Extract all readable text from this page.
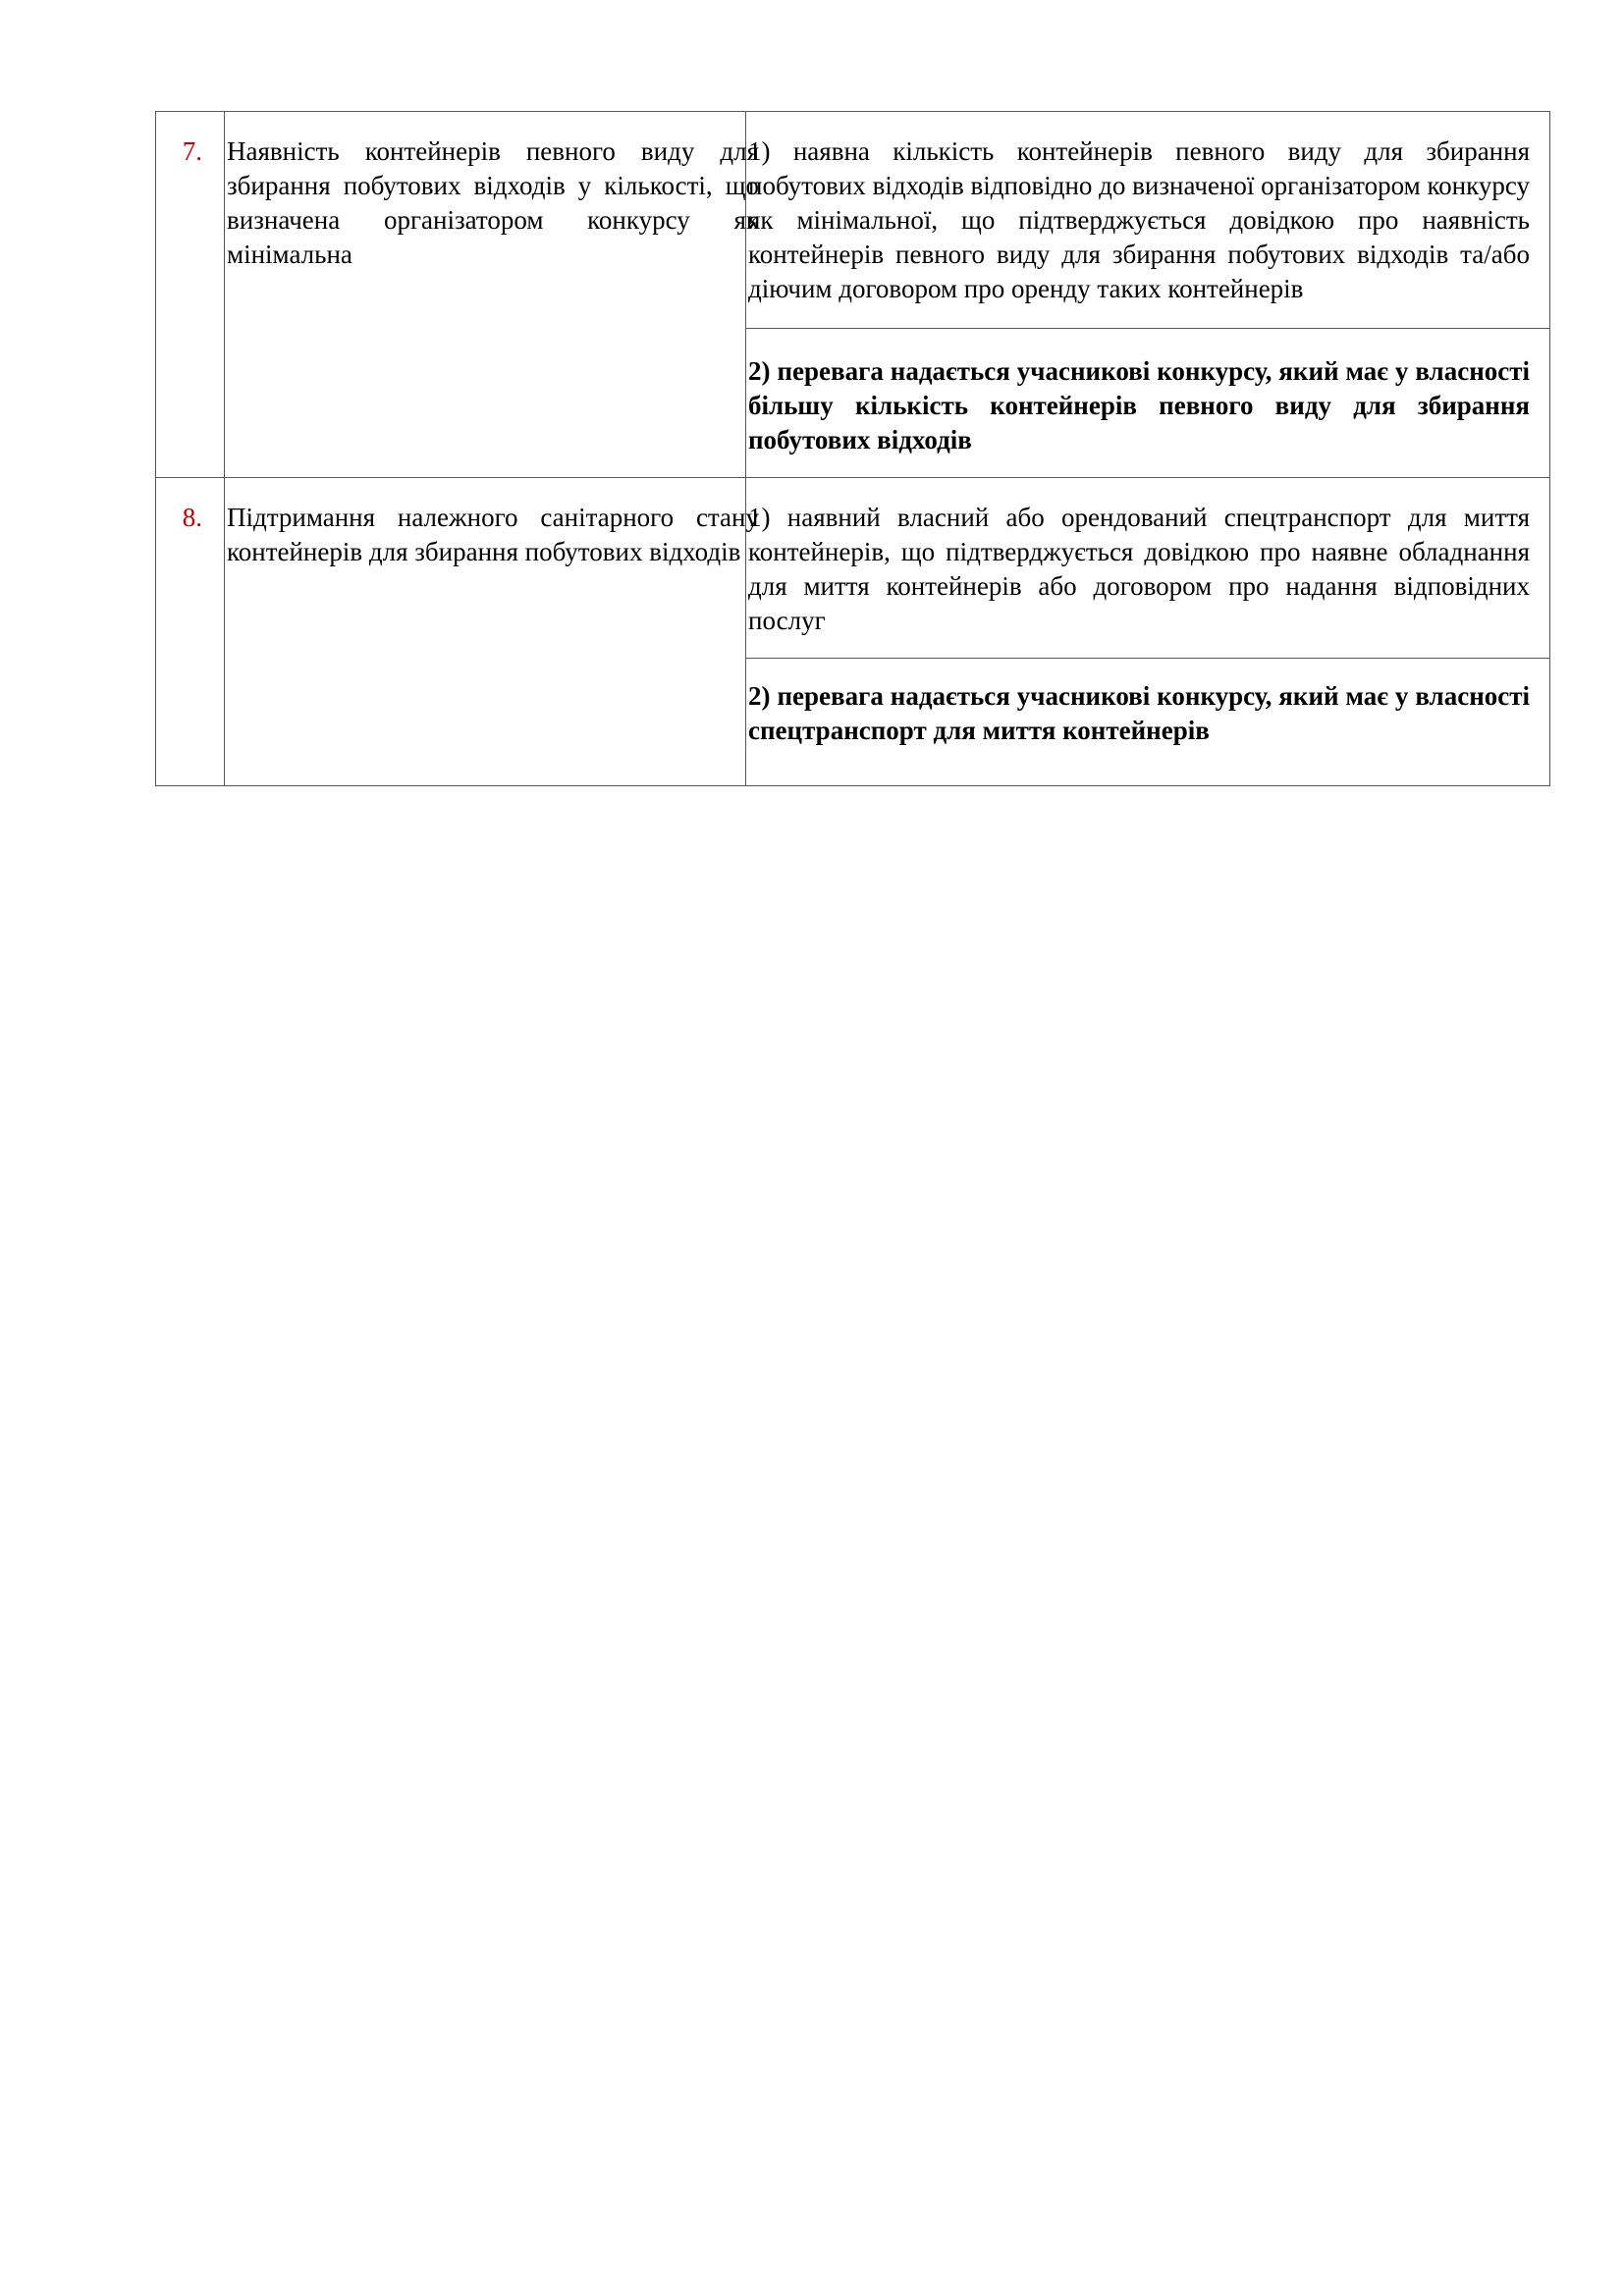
7.	Наявність контейнерів певного виду для збирання побутових відходів у кількості, що визначена організатором конкурсу як мінімальна	1) наявна кількість контейнерів певного виду для збирання побутових відходів відповідно до визначеної організатором конкурсу як мінімальної, що підтверджується довідкою про наявність контейнерів певного виду для збирання побутових відходів та/або діючим договором про оренду таких контейнерів

		2) перевага надається учасникові конкурсу, який має у власності більшу кількість контейнерів певного виду для збирання побутових відходів

8.	Підтримання належного санітарного стану контейнерів для збирання побутових відходів	1) наявний власний або орендований спецтранспорт для миття контейнерів, що підтверджується довідкою про наявне обладнання для миття контейнерів або договором про надання відповідних послуг

		2) перевага надається учасникові конкурсу, який має у власності спецтранспорт для миття контейнерів
